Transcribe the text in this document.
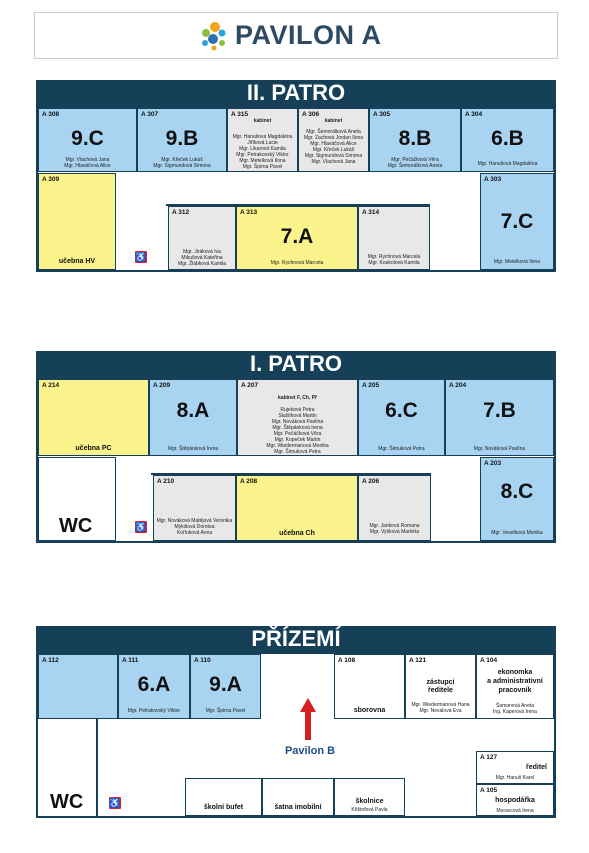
PAVILON A
II. PATRO
A 308
9.C
Mgr. Vlachová Jana
Mgr. Hlaváčová Alice
A 307
9.B
Mgr. Křeček Lukáš
Mgr. Sigmundová Simona
A 315
kabinet
Mgr. Hanušová Magdaléna
Jiříková Lucie
Mgr. Likarová Kamila
Mgr. Petrakovský Viktor
Mgr. Metelková Ilona
Mgr. Špirna Pavel
A 306
kabinet
Mgr. Šemorálková Aneta
Mgr. Zachová Jordan Ilona
Mgr. Hlaváčová Alice
Mgr. Křeček Lukáš
Mgr. Sigmundová Simona
Mgr. Vlachová Jana
A 305
8.B
Mgr. Pečáčková Věra
Mgr. Šemorálková Aneta
A 304
6.B
Mgr. Hanušová Magdaléna
A 309
učebna HV	♿
A 312
Mgr. Jiráková Iva
Mikušová Kateřina
Mgr. Žlábková Kamila
A 313
7.A
Mgr. Rychnová Marcela
A 314
Mgr. Rychnová Marcela
Mgr. Koukolová Kamila
A 303
7.C
Mgr. Metelková Ilona
I. PATRO
A 214
učebna PC
A 209
8.A
Mgr. Štěpánková Irena
A 207
kabinet F, Ch, Př
Rujeková Petra
Sluštíková Martin
Mgr. Nováková Pavlína
Mgr. Štěpánková Irena
Mgr. Pečáčková Věra
Mgr. Kopeček Martin
Mgr. Wiedermanová Monika
Mgr. Šimuková Petra
A 205
6.C
Mgr. Šimuková Petra
A 204
7.B
Mgr. Nováková Pavlína
WC	♿
A 210
Mgr. Nováková Matějová Veronika
Mykišová Dorotea
Kořínková Anna
A 208
učebna Ch
A 206
Mgr. Janková Romana
Mgr. Vyšková Markéta
A 203
8.C
Mgr. Veselková Monika
PŘÍZEMÍ
A 112	A 111
6.A
Mgr. Petrakovský Viktor
A 110
9.A
Mgr. Špirna Pavel
A 108
sborovna
A 121
zástupci
ředitele
Mgr. Wiedermanová Hana
Mgr. Neválová Eva
A 104
ekonomka
a administrativní
pracovník
Šamanová Aneta
Ing. Kaperová Irena
Pavilon B
WC	♿	školní bufet	šatna imobilní
školnice
Křištofová Pavla
A 127
ředitel
Mgr. Hanuš Karel
A 105
hospodářka
Moravcová Irena
